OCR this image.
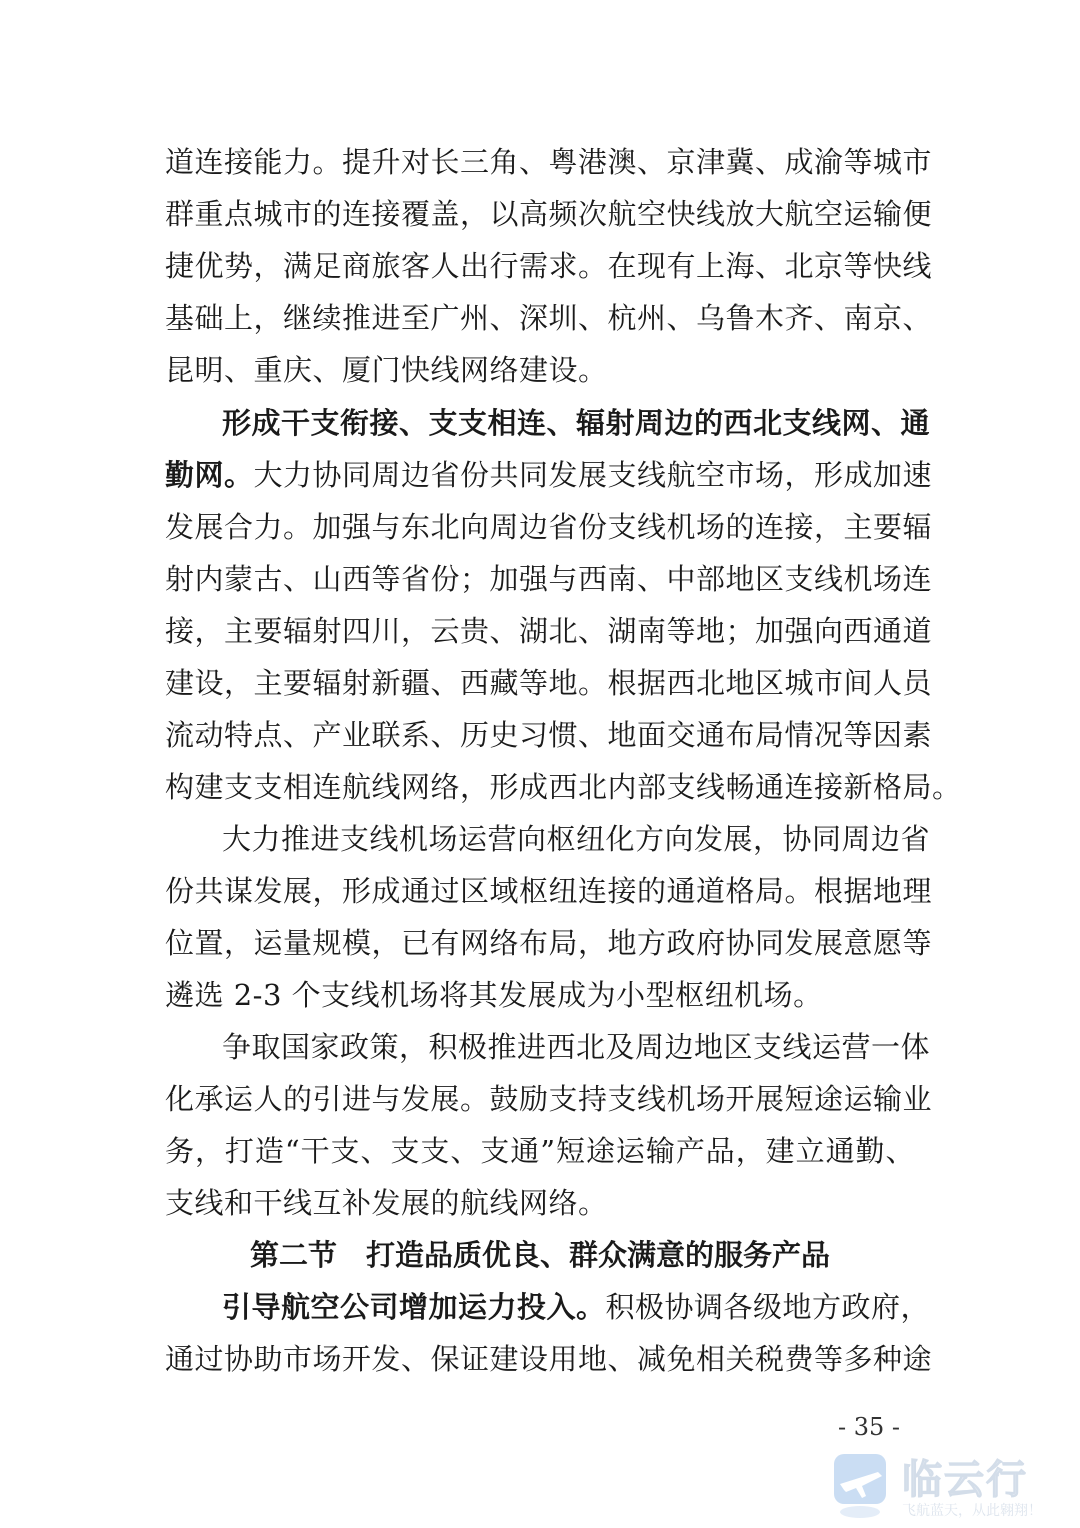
道连接能力。提升对长三角、粤港澳、京津冀、成渝等城市
群重点城市的连接覆盖，以高频次航空快线放大航空运输便
捷优势，满足商旅客人出行需求。在现有上海、北京等快线
基础上，继续推进至广州、深圳、杭州、乌鲁木齐、南京、
昆明、重庆、厦门快线网络建设。
形成干支衔接、支支相连、辐射周边的西北支线网、通
勤网。大力协同周边省份共同发展支线航空市场，形成加速
发展合力。加强与东北向周边省份支线机场的连接，主要辐
射内蒙古、山西等省份；加强与西南、中部地区支线机场连
接，主要辐射四川，云贵、湖北、湖南等地；加强向西通道
建设，主要辐射新疆、西藏等地。根据西北地区城市间人员
流动特点、产业联系、历史习惯、地面交通布局情况等因素
构建支支相连航线网络，形成西北内部支线畅通连接新格局。
大力推进支线机场运营向枢纽化方向发展，协同周边省
份共谋发展，形成通过区域枢纽连接的通道格局。根据地理
位置，运量规模，已有网络布局，地方政府协同发展意愿等
遴选 2-3 个支线机场将其发展成为小型枢纽机场。
争取国家政策，积极推进西北及周边地区支线运营一体
化承运人的引进与发展。鼓励支持支线机场开展短途运输业
务，打造“干支、支支、支通”短途运输产品，建立通勤、
支线和干线互补发展的航线网络。
第二节　打造品质优良、群众满意的服务产品
引导航空公司增加运力投入。积极协调各级地方政府，
通过协助市场开发、保证建设用地、减免相关税费等多种途
- 35 -
临云行
飞航蓝天，从此翱翔！
